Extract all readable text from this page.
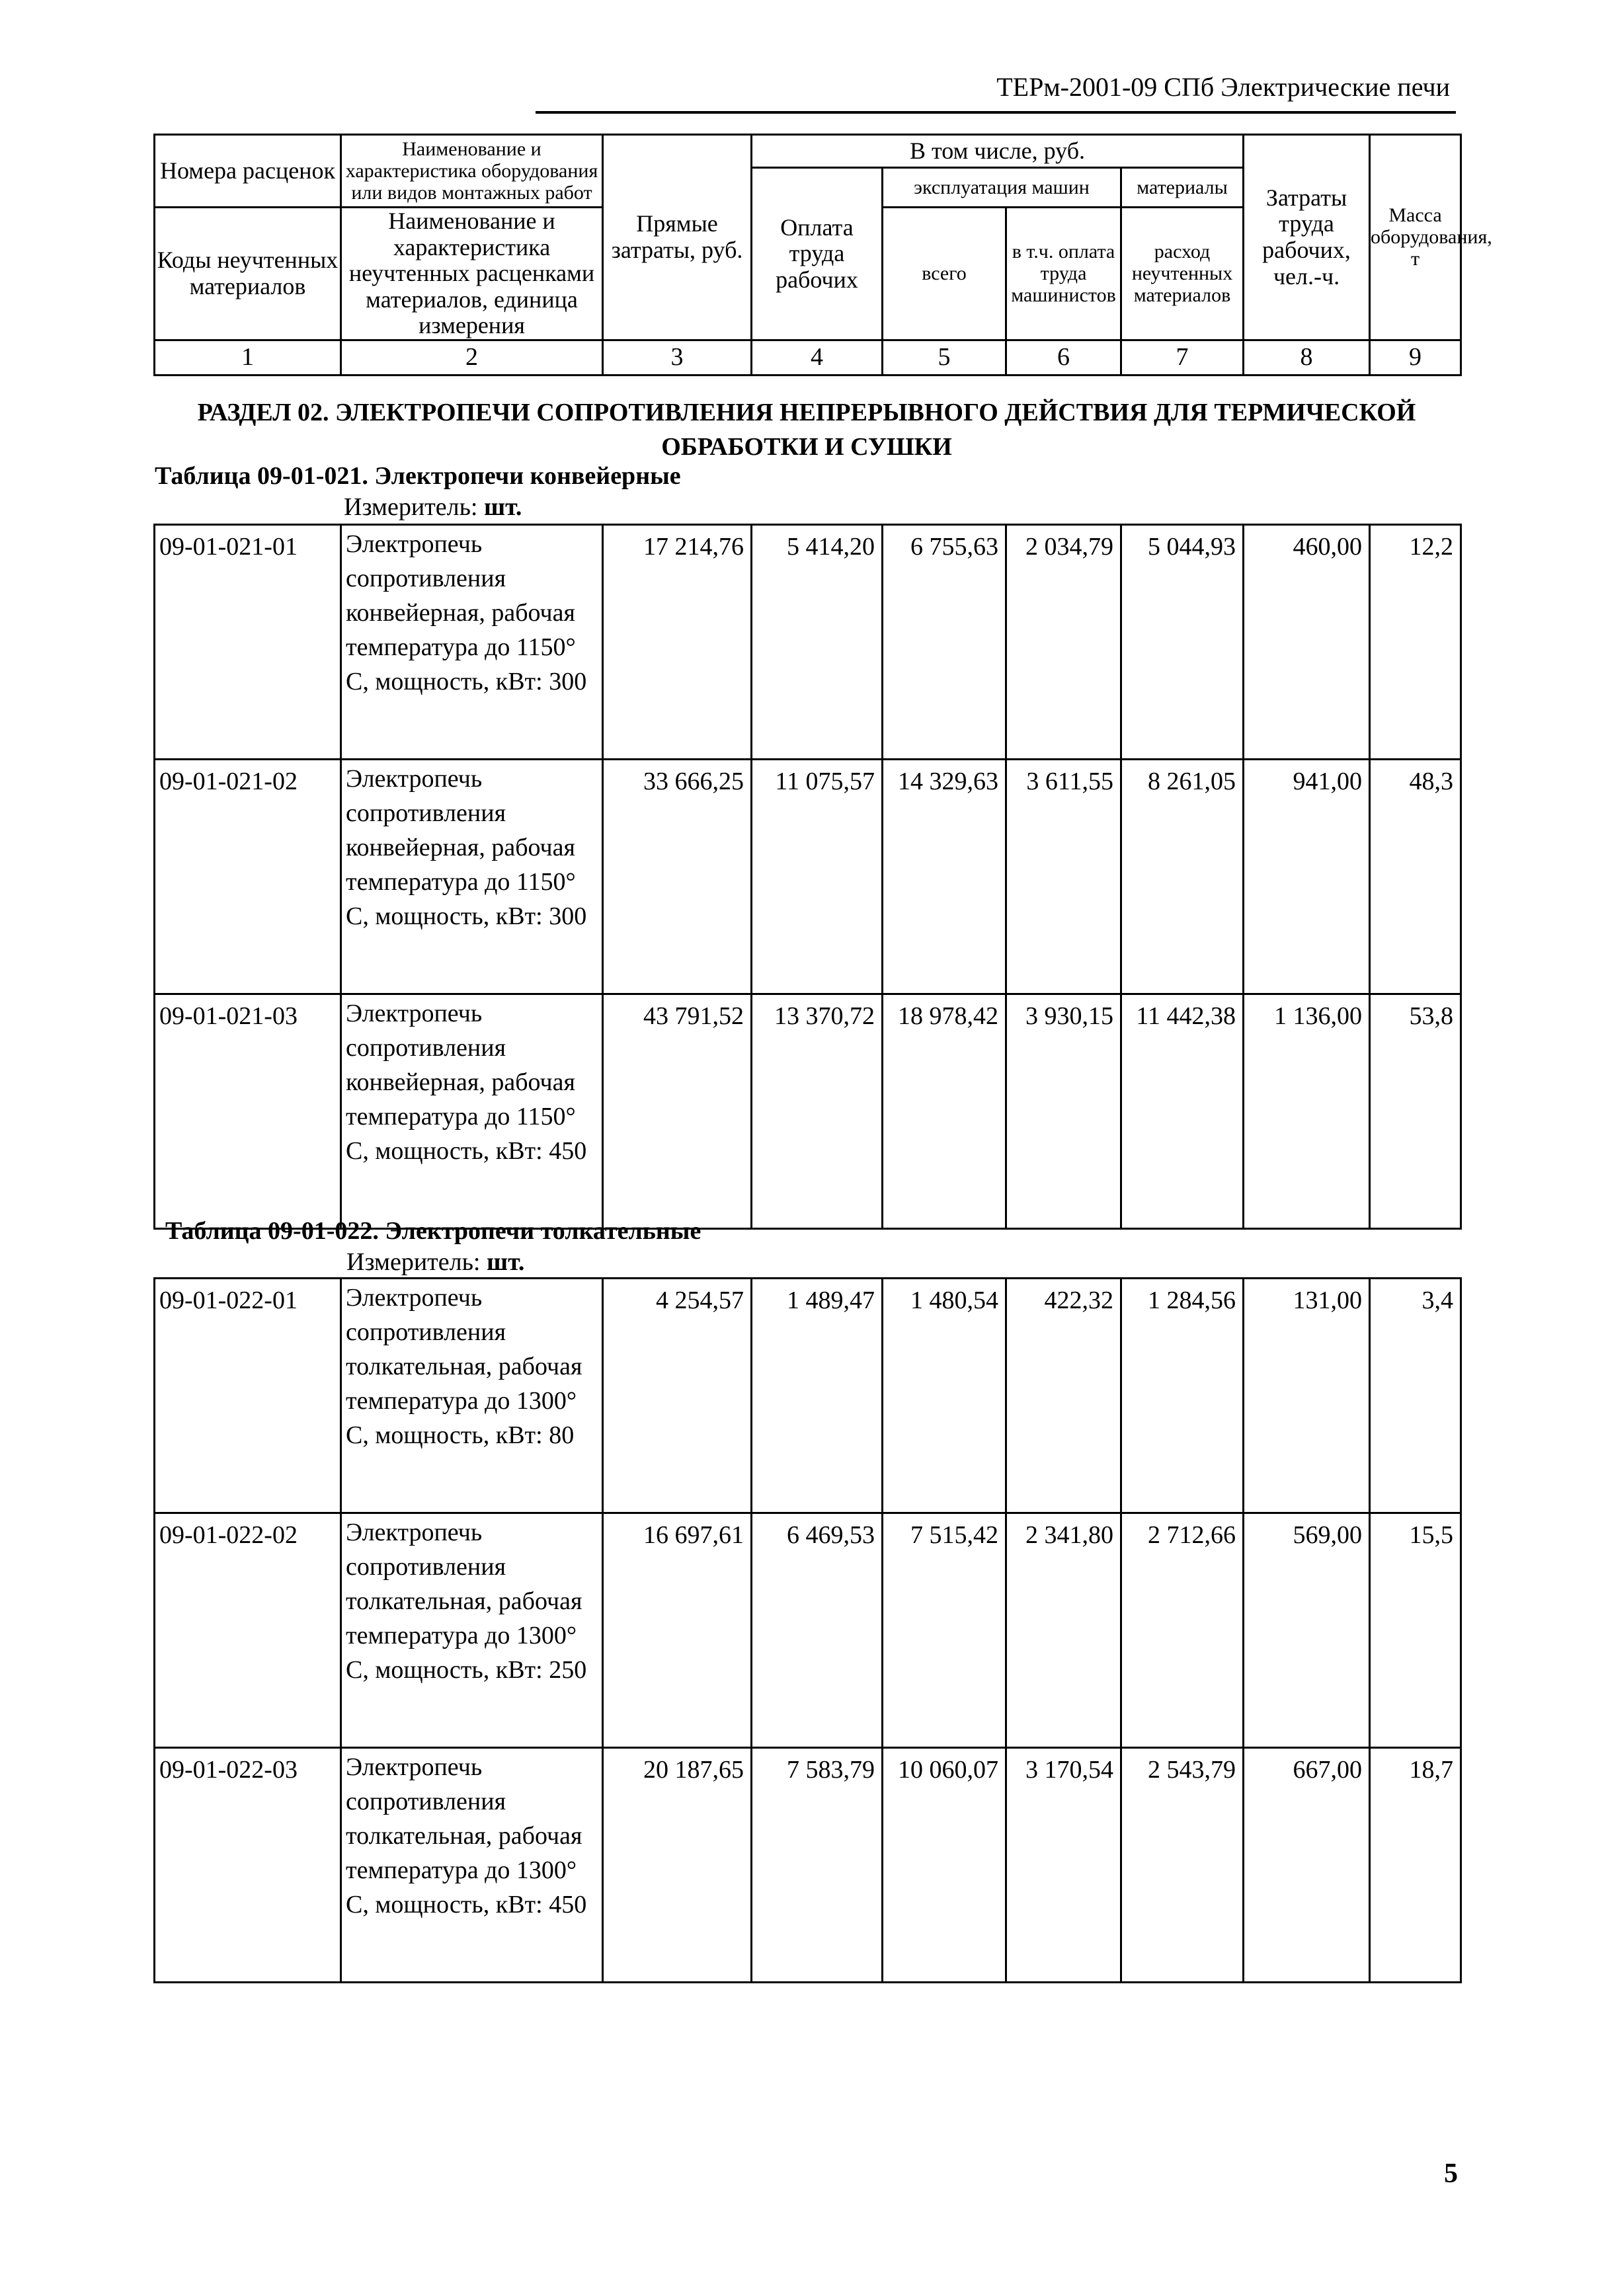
ТЕРм-2001-09 СПб Электрические печи
Номера расценок	Наименование и характеристика оборудования или видов монтажных работ	Прямые затраты, руб.	В том числе, руб.				Затраты труда рабочих, чел.-ч.	Масса оборудования, т
			Оплата труда рабочих	эксплуатация машин		материалы		
Коды неучтенных материалов	Наименование и характеристика неучтенных расценками материалов, единица измерения			всего	в т.ч. оплата труда машинистов	расход неучтенных материалов		

1	2	3	4	5	6	7	8	9
РАЗДЕЛ 02. ЭЛЕКТРОПЕЧИ СОПРОТИВЛЕНИЯ НЕПРЕРЫВНОГО ДЕЙСТВИЯ ДЛЯ ТЕРМИЧЕСКОЙ ОБРАБОТКИ И СУШКИ
Таблица 09-01-021. Электропечи конвейерные
Измеритель: шт.
09-01-021-01	Электропечь сопротивления конвейерная, рабочая температура до 1150° С, мощность, кВт: 300	17 214,76	5 414,20	6 755,63	2 034,79	5 044,93	460,00	12,2
09-01-021-02	Электропечь сопротивления конвейерная, рабочая температура до 1150° С, мощность, кВт: 300	33 666,25	11 075,57	14 329,63	3 611,55	8 261,05	941,00	48,3
09-01-021-03	Электропечь сопротивления конвейерная, рабочая температура до 1150° С, мощность, кВт: 450	43 791,52	13 370,72	18 978,42	3 930,15	11 442,38	1 136,00	53,8
Таблица 09-01-022. Электропечи толкательные
Измеритель: шт.
09-01-022-01	Электропечь сопротивления толкательная, рабочая температура до 1300° С, мощность, кВт: 80	4 254,57	1 489,47	1 480,54	422,32	1 284,56	131,00	3,4
09-01-022-02	Электропечь сопротивления толкательная, рабочая температура до 1300° С, мощность, кВт: 250	16 697,61	6 469,53	7 515,42	2 341,80	2 712,66	569,00	15,5
09-01-022-03	Электропечь сопротивления толкательная, рабочая температура до 1300° С, мощность, кВт: 450	20 187,65	7 583,79	10 060,07	3 170,54	2 543,79	667,00	18,7
5
